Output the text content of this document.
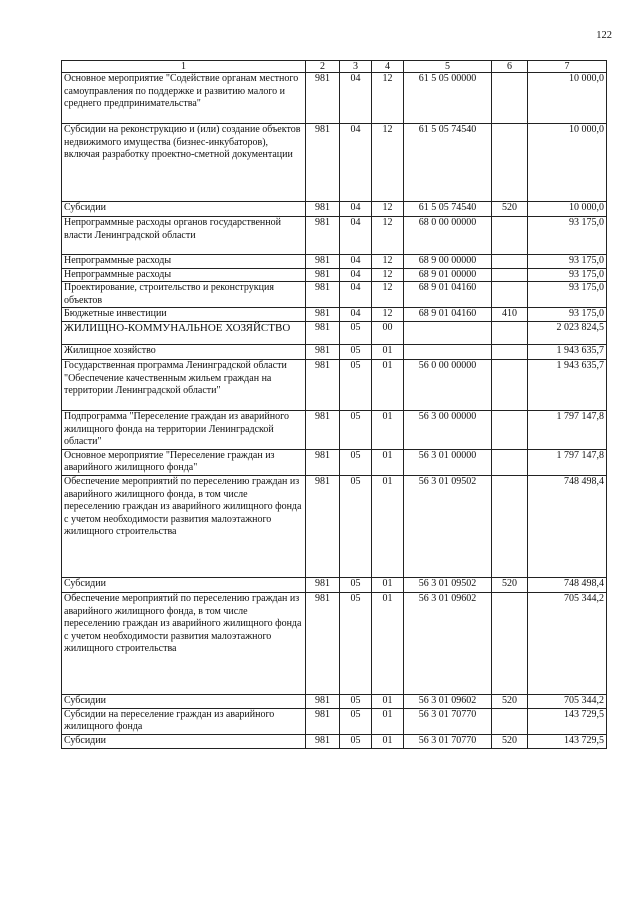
122
1	2	3	4	5	6	7
Основное мероприятие "Содействие органам местного самоуправления по поддержке и развитию малого и среднего предпринимательства"	981	04	12	61 5 05 00000		10 000,0
Субсидии на реконструкцию и (или) создание объектов недвижимого имущества (бизнес-инкубаторов), включая разработку проектно-сметной документации	981	04	12	61 5 05 74540		10 000,0
Субсидии	981	04	12	61 5 05 74540	520	10 000,0
Непрограммные расходы органов государственной власти Ленинградской области	981	04	12	68 0 00 00000		93 175,0
Непрограммные расходы	981	04	12	68 9 00 00000		93 175,0
Непрограммные расходы	981	04	12	68 9 01 00000		93 175,0
Проектирование, строительство и реконструкция объектов	981	04	12	68 9 01 04160		93 175,0
Бюджетные инвестиции	981	04	12	68 9 01 04160	410	93 175,0
ЖИЛИЩНО-КОММУНАЛЬНОЕ ХОЗЯЙСТВО	981	05	00			2 023 824,5
Жилищное хозяйство	981	05	01			1 943 635,7
Государственная программа Ленинградской области "Обеспечение качественным жильем граждан на территории Ленинградской области"	981	05	01	56 0 00 00000		1 943 635,7
Подпрограмма "Переселение граждан из аварийного жилищного фонда на территории Ленинградской области"	981	05	01	56 3 00 00000		1 797 147,8
Основное мероприятие "Переселение граждан из аварийного жилищного фонда"	981	05	01	56 3 01 00000		1 797 147,8
Обеспечение мероприятий по переселению граждан из аварийного жилищного фонда, в том числе переселению граждан из аварийного жилищного фонда с учетом необходимости развития малоэтажного жилищного строительства	981	05	01	56 3 01 09502		748 498,4
Субсидии	981	05	01	56 3 01 09502	520	748 498,4
Обеспечение мероприятий по переселению граждан из аварийного жилищного фонда, в том числе переселению граждан из аварийного жилищного фонда с учетом необходимости развития малоэтажного жилищного строительства	981	05	01	56 3 01 09602		705 344,2
Субсидии	981	05	01	56 3 01 09602	520	705 344,2
Субсидии на переселение граждан из аварийного жилищного фонда	981	05	01	56 3 01 70770		143 729,5
Субсидии	981	05	01	56 3 01 70770	520	143 729,5
